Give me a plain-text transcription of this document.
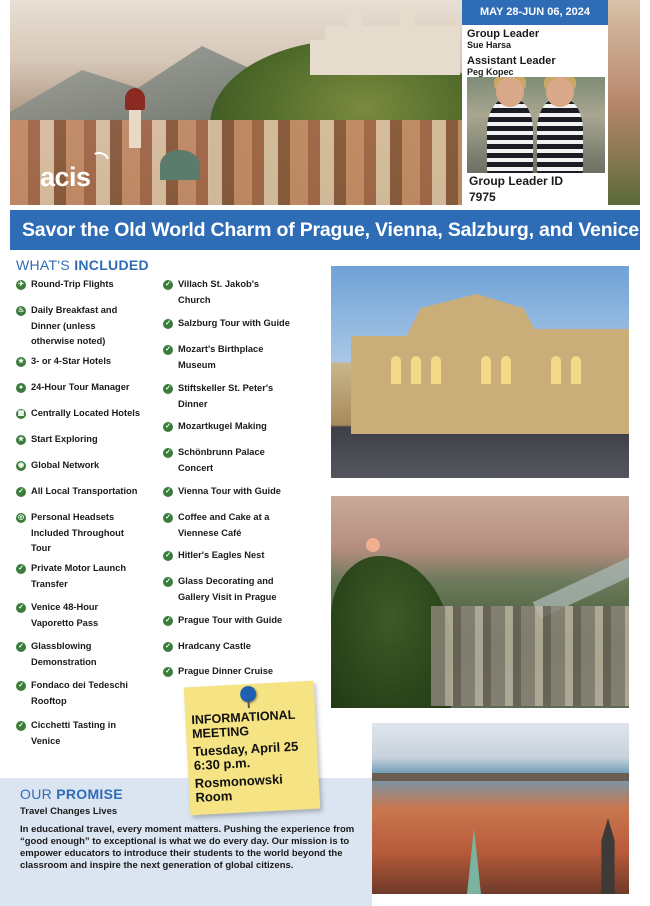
acis
MAY 28-JUN 06, 2024
Group Leader
Sue Harsa
Assistant Leader
Peg Kopec
Group Leader ID
7975
Savor the Old World Charm of Prague, Vienna, Salzburg, and Venice
WHAT'S INCLUDED
✈ Round-Trip Flights
♨ Daily Breakfast and
Dinner (unless
otherwise noted)
★ 3- or 4-Star Hotels
● 24-Hour Tour Manager
▦ Centrally Located Hotels
★ Start Exploring
◉ Global Network
✓ All Local Transportation
◎ Personal Headsets
Included Throughout
Tour
✓ Private Motor Launch
Transfer
✓ Venice 48-Hour
Vaporetto Pass
✓ Glassblowing
Demonstration
✓ Fondaco dei Tedeschi
Rooftop
✓ Cicchetti Tasting in
Venice
✓ Villach St. Jakob's
Church
✓ Salzburg Tour with Guide
✓ Mozart's Birthplace
Museum
✓ Stiftskeller St. Peter's
Dinner
✓ Mozartkugel Making
✓ Schönbrunn Palace
Concert
✓ Vienna Tour with Guide
✓ Coffee and Cake at a
Viennese Café
✓ Hitler's Eagles Nest
✓ Glass Decorating and
Gallery Visit in Prague
✓ Prague Tour with Guide
✓ Hradcany Castle
✓ Prague Dinner Cruise
OUR PROMISE
Travel Changes Lives
In educational travel, every moment matters. Pushing the experience from “good enough” to exceptional is what we do every day. Our mission is to empower educators to introduce their students to the world beyond the classroom and inspire the next generation of global citizens.
INFORMATIONAL MEETING
Tuesday, April 25 6:30 p.m.
Rosmonowski Room
